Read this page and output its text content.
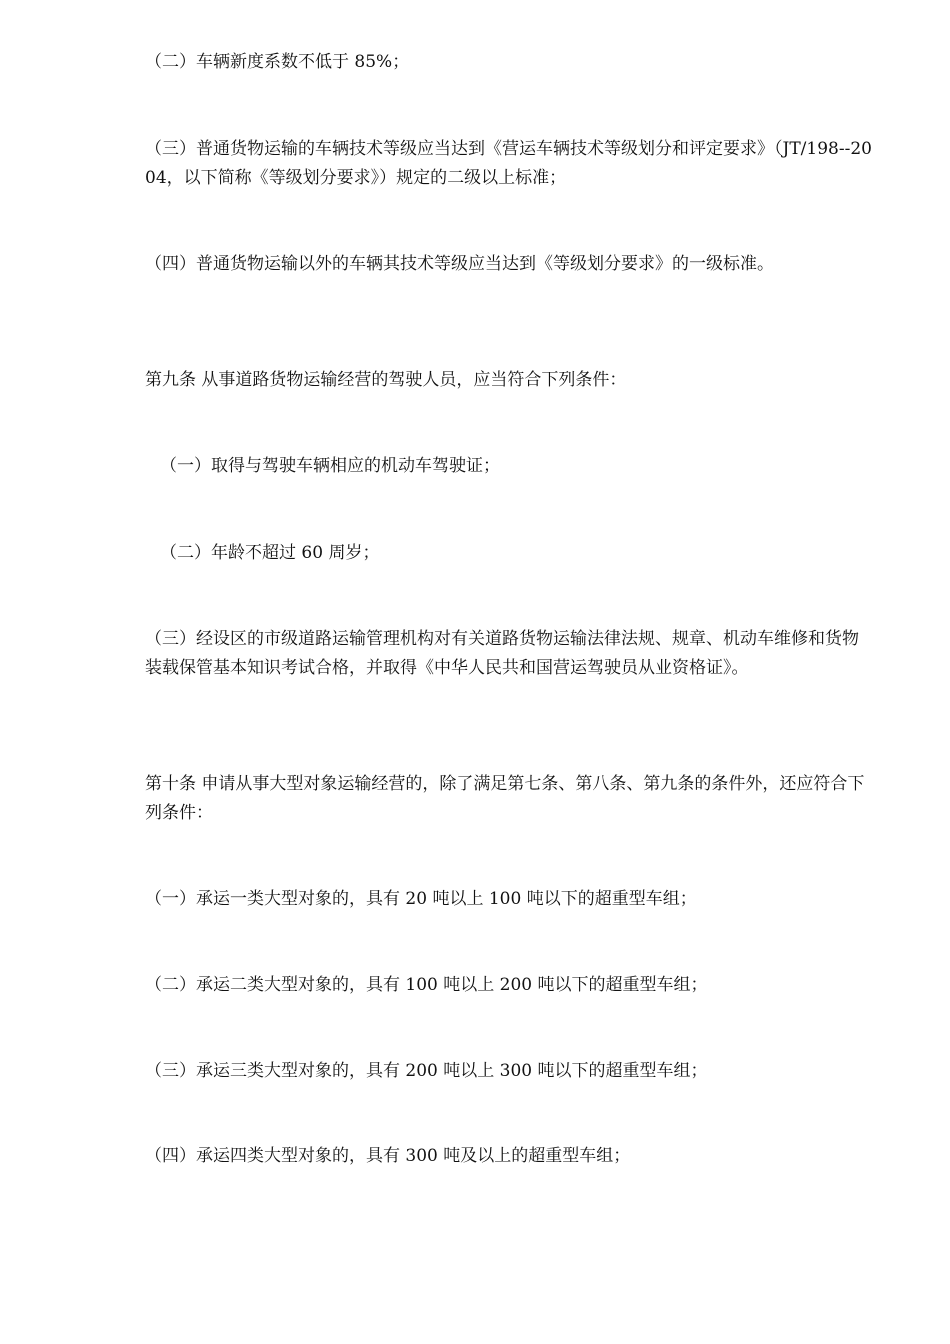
（二）车辆新度系数不低于 85%；

（三）普通货物运输的车辆技术等级应当达到《营运车辆技术等级划分和评定要求》（JT/198--2004，以下简称《等级划分要求》）规定的二级以上标准；

（四）普通货物运输以外的车辆其技术等级应当达到《等级划分要求》的一级标准。

第九条 从事道路货物运输经营的驾驶人员，应当符合下列条件：

（一）取得与驾驶车辆相应的机动车驾驶证；

（二）年龄不超过 60 周岁；

（三）经设区的市级道路运输管理机构对有关道路货物运输法律法规、规章、机动车维修和货物装载保管基本知识考试合格，并取得《中华人民共和国营运驾驶员从业资格证》。

第十条 申请从事大型对象运输经营的，除了满足第七条、第八条、第九条的条件外，还应符合下列条件：

（一）承运一类大型对象的，具有 20 吨以上 100 吨以下的超重型车组；

（二）承运二类大型对象的，具有 100 吨以上 200 吨以下的超重型车组；

（三）承运三类大型对象的，具有 200 吨以上 300 吨以下的超重型车组；

（四）承运四类大型对象的，具有 300 吨及以上的超重型车组；
